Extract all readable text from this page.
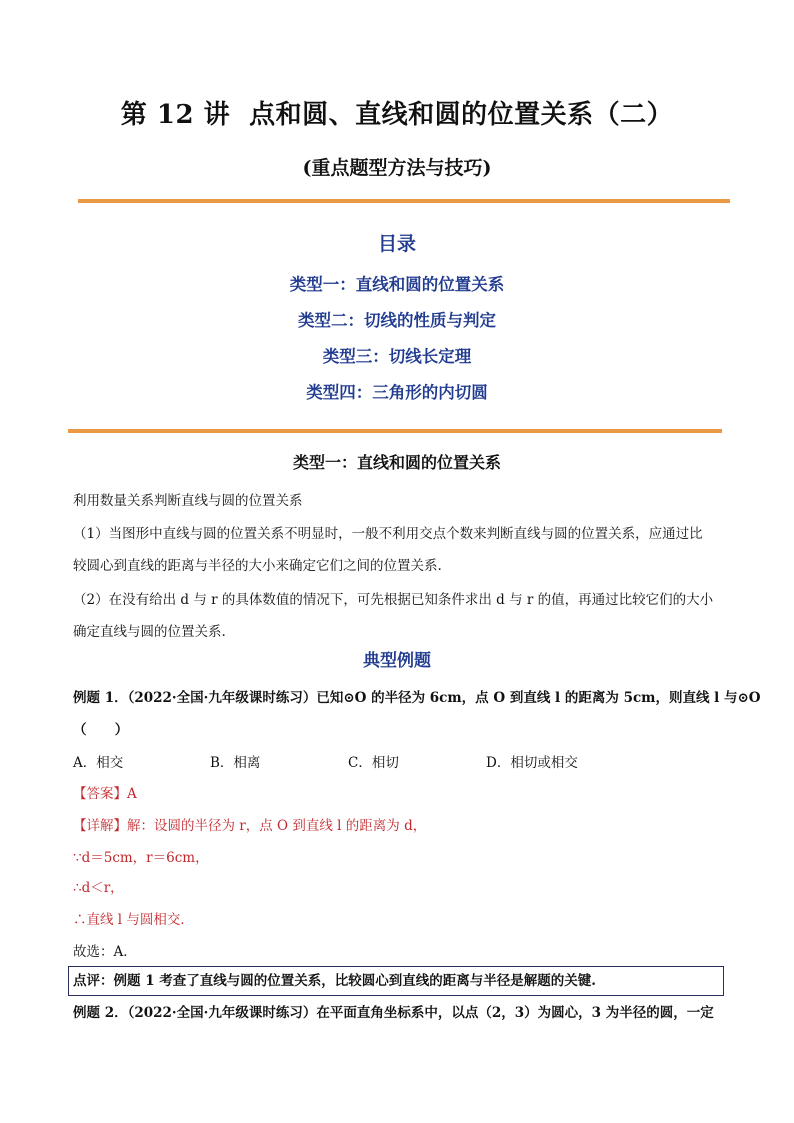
第 12 讲  点和圆、直线和圆的位置关系（二）
(重点题型方法与技巧)
目录
类型一：直线和圆的位置关系
类型二：切线的性质与判定
类型三：切线长定理
类型四：三角形的内切圆
类型一：直线和圆的位置关系
利用数量关系判断直线与圆的位置关系
（1）当图形中直线与圆的位置关系不明显时，一般不利用交点个数来判断直线与圆的位置关系，应通过比
较圆心到直线的距离与半径的大小来确定它们之间的位置关系.
（2）在没有给出 d 与 r 的具体数值的情况下，可先根据已知条件求出 d 与 r 的值，再通过比较它们的大小
确定直线与圆的位置关系.
典型例题
例题 1．（2022·全国·九年级课时练习）已知⊙O 的半径为 6cm，点 O 到直线 l 的距离为 5cm，则直线 l 与⊙O
（      ）
A．相交	B．相离	C．相切	D．相切或相交
【答案】A
【详解】解：设圆的半径为 r，点 O 到直线 l 的距离为 d，
∵d＝5cm，r＝6cm，
∴d＜r，
∴直线 l 与圆相交．
故选：A．
点评：例题 1 考查了直线与圆的位置关系，比较圆心到直线的距离与半径是解题的关键.
例题 2．（2022·全国·九年级课时练习）在平面直角坐标系中，以点（2，3）为圆心，3 为半径的圆，一定
